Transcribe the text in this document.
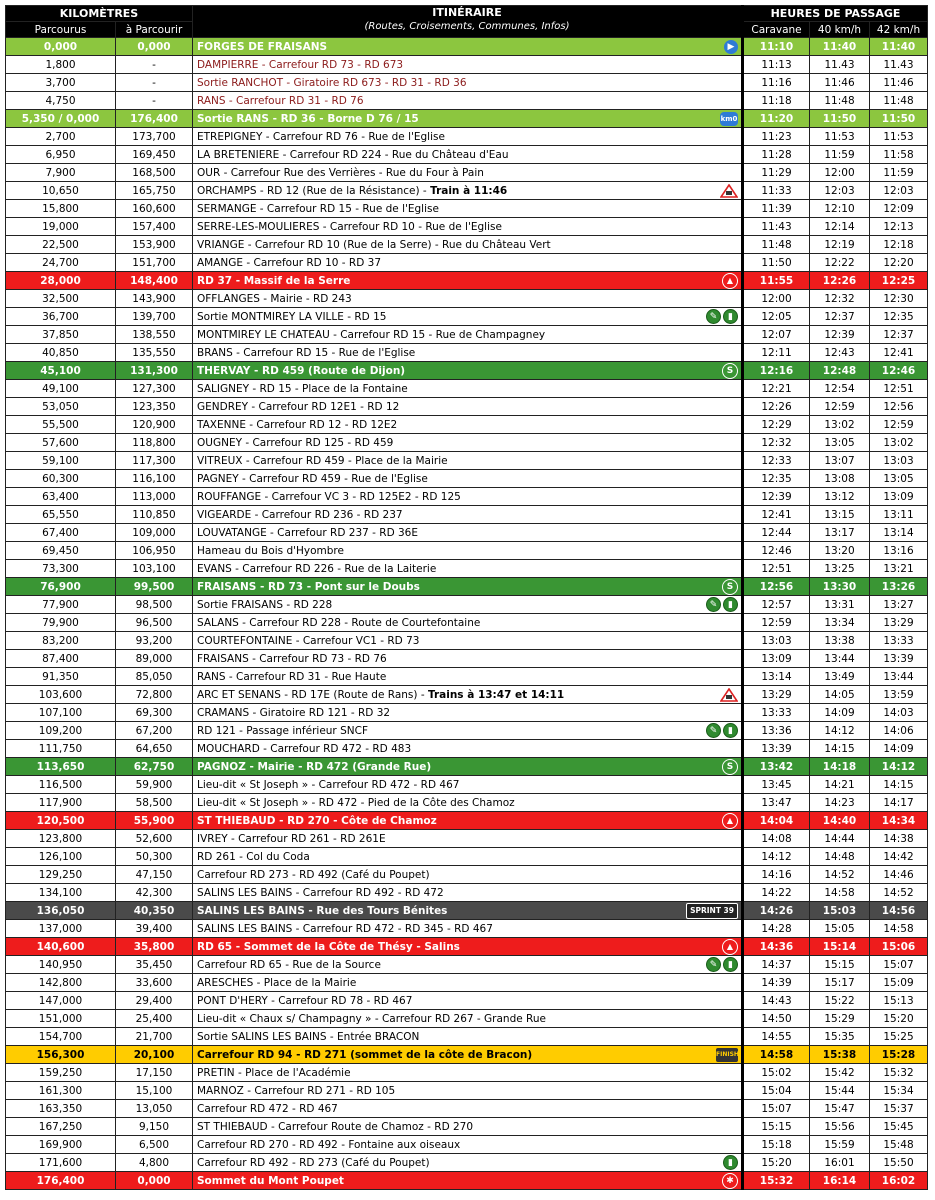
KILOMÈTRES		ITINÉRAIRE
(Routes, Croisements, Communes, Infos)	HEURES DE PASSAGE		
Parcourus	à Parcourir		Caravane	40 km/h	42 km/h
0,000	0,000	FORGES DE FRAISANS ▶	11:10	11:40	11:40
1,800	-	DAMPIERRE - Carrefour RD 73 - RD 673	11:13	11.43	11.43
3,700	-	Sortie RANCHOT - Giratoire RD 673 - RD 31 - RD 36	11:16	11:46	11:46
4,750	-	RANS - Carrefour RD 31 - RD 76	11:18	11:48	11:48
5,350 / 0,000	176,400	Sortie RANS - RD 36 - Borne D 76 / 15 km0	11:20	11:50	11:50
2,700	173,700	ETREPIGNEY - Carrefour RD 76 - Rue de l'Eglise	11:23	11:53	11:53
6,950	169,450	LA BRETENIERE - Carrefour RD 224 - Rue du Château d'Eau	11:28	11:59	11:58
7,900	168,500	OUR - Carrefour Rue des Verrières - Rue du Four à Pain	11:29	12:00	11:59
10,650	165,750	ORCHAMPS - RD 12 (Rue de la Résistance) - Train à 11:46	11:33	12:03	12:03
15,800	160,600	SERMANGE - Carrefour RD 15 - Rue de l'Eglise	11:39	12:10	12:09
19,000	157,400	SERRE-LES-MOULIERES - Carrefour RD 10 - Rue de l'Eglise	11:43	12:14	12:13
22,500	153,900	VRIANGE - Carrefour RD 10 (Rue de la Serre) - Rue du Château Vert	11:48	12:19	12:18
24,700	151,700	AMANGE - Carrefour RD 10 - RD 37	11:50	12:22	12:20
28,000	148,400	RD 37 - Massif de la Serre ▲	11:55	12:26	12:25
32,500	143,900	OFFLANGES - Mairie - RD 243	12:00	12:32	12:30
36,700	139,700	Sortie MONTMIREY LA VILLE - RD 15 ✎ ▮	12:05	12:37	12:35
37,850	138,550	MONTMIREY LE CHATEAU - Carrefour RD 15 - Rue de Champagney	12:07	12:39	12:37
40,850	135,550	BRANS - Carrefour RD 15 - Rue de l'Eglise	12:11	12:43	12:41
45,100	131,300	THERVAY - RD 459 (Route de Dijon) S	12:16	12:48	12:46
49,100	127,300	SALIGNEY - RD 15 - Place de la Fontaine	12:21	12:54	12:51
53,050	123,350	GENDREY - Carrefour RD 12E1 - RD 12	12:26	12:59	12:56
55,500	120,900	TAXENNE - Carrefour RD 12 - RD 12E2	12:29	13:02	12:59
57,600	118,800	OUGNEY - Carrefour RD 125 - RD 459	12:32	13:05	13:02
59,100	117,300	VITREUX - Carrefour RD 459 - Place de la Mairie	12:33	13:07	13:03
60,300	116,100	PAGNEY - Carrefour RD 459 - Rue de l'Eglise	12:35	13:08	13:05
63,400	113,000	ROUFFANGE - Carrefour VC 3 - RD 125E2 - RD 125	12:39	13:12	13:09
65,550	110,850	VIGEARDE - Carrefour RD 236 - RD 237	12:41	13:15	13:11
67,400	109,000	LOUVATANGE - Carrefour RD 237 - RD 36E	12:44	13:17	13:14
69,450	106,950	Hameau du Bois d'Hyombre	12:46	13:20	13:16
73,300	103,100	EVANS - Carrefour RD 226 - Rue de la Laiterie	12:51	13:25	13:21
76,900	99,500	FRAISANS - RD 73 - Pont sur le Doubs S	12:56	13:30	13:26
77,900	98,500	Sortie FRAISANS - RD 228 ✎ ▮	12:57	13:31	13:27
79,900	96,500	SALANS - Carrefour RD 228 - Route de Courtefontaine	12:59	13:34	13:29
83,200	93,200	COURTEFONTAINE - Carrefour VC1 - RD 73	13:03	13:38	13:33
87,400	89,000	FRAISANS - Carrefour RD 73 - RD 76	13:09	13:44	13:39
91,350	85,050	RANS - Carrefour RD 31 - Rue Haute	13:14	13:49	13:44
103,600	72,800	ARC ET SENANS - RD 17E (Route de Rans) - Trains à 13:47 et 14:11	13:29	14:05	13:59
107,100	69,300	CRAMANS - Giratoire RD 121 - RD 32	13:33	14:09	14:03
109,200	67,200	RD 121 - Passage inférieur SNCF ✎ ▮	13:36	14:12	14:06
111,750	64,650	MOUCHARD - Carrefour RD 472 - RD 483	13:39	14:15	14:09
113,650	62,750	PAGNOZ - Mairie - RD 472 (Grande Rue) S	13:42	14:18	14:12
116,500	59,900	Lieu-dit « St Joseph » - Carrefour RD 472 - RD 467	13:45	14:21	14:15
117,900	58,500	Lieu-dit « St Joseph » - RD 472 - Pied de la Côte des Chamoz	13:47	14:23	14:17
120,500	55,900	ST THIEBAUD - RD 270 - Côte de Chamoz ▲	14:04	14:40	14:34
123,800	52,600	IVREY - Carrefour RD 261 - RD 261E	14:08	14:44	14:38
126,100	50,300	RD 261 - Col du Coda	14:12	14:48	14:42
129,250	47,150	Carrefour RD 273 - RD 492 (Café du Poupet)	14:16	14:52	14:46
134,100	42,300	SALINS LES BAINS - Carrefour RD 492 - RD 472	14:22	14:58	14:52
136,050	40,350	SALINS LES BAINS - Rue des Tours Bénites SPRINT 39	14:26	15:03	14:56
137,000	39,400	SALINS LES BAINS - Carrefour RD 472 - RD 345 - RD 467	14:28	15:05	14:58
140,600	35,800	RD 65 - Sommet de la Côte de Thésy - Salins ▲	14:36	15:14	15:06
140,950	35,450	Carrefour RD 65 - Rue de la Source ✎ ▮	14:37	15:15	15:07
142,800	33,600	ARESCHES - Place de la Mairie	14:39	15:17	15:09
147,000	29,400	PONT D'HERY - Carrefour RD 78 - RD 467	14:43	15:22	15:13
151,000	25,400	Lieu-dit « Chaux s/ Champagny » - Carrefour RD 267 - Grande Rue	14:50	15:29	15:20
154,700	21,700	Sortie SALINS LES BAINS - Entrée BRACON	14:55	15:35	15:25
156,300	20,100	Carrefour RD 94 - RD 271 (sommet de la côte de Bracon) FINISH	14:58	15:38	15:28
159,250	17,150	PRETIN - Place de l'Académie	15:02	15:42	15:32
161,300	15,100	MARNOZ - Carrefour RD 271 - RD 105	15:04	15:44	15:34
163,350	13,050	Carrefour RD 472 - RD 467	15:07	15:47	15:37
167,250	9,150	ST THIEBAUD - Carrefour Route de Chamoz - RD 270	15:15	15:56	15:45
169,900	6,500	Carrefour RD 270 - RD 492 - Fontaine aux oiseaux	15:18	15:59	15:48
171,600	4,800	Carrefour RD 492 - RD 273 (Café du Poupet) ▮	15:20	16:01	15:50
176,400	0,000	Sommet du Mont Poupet ✱	15:32	16:14	16:02
